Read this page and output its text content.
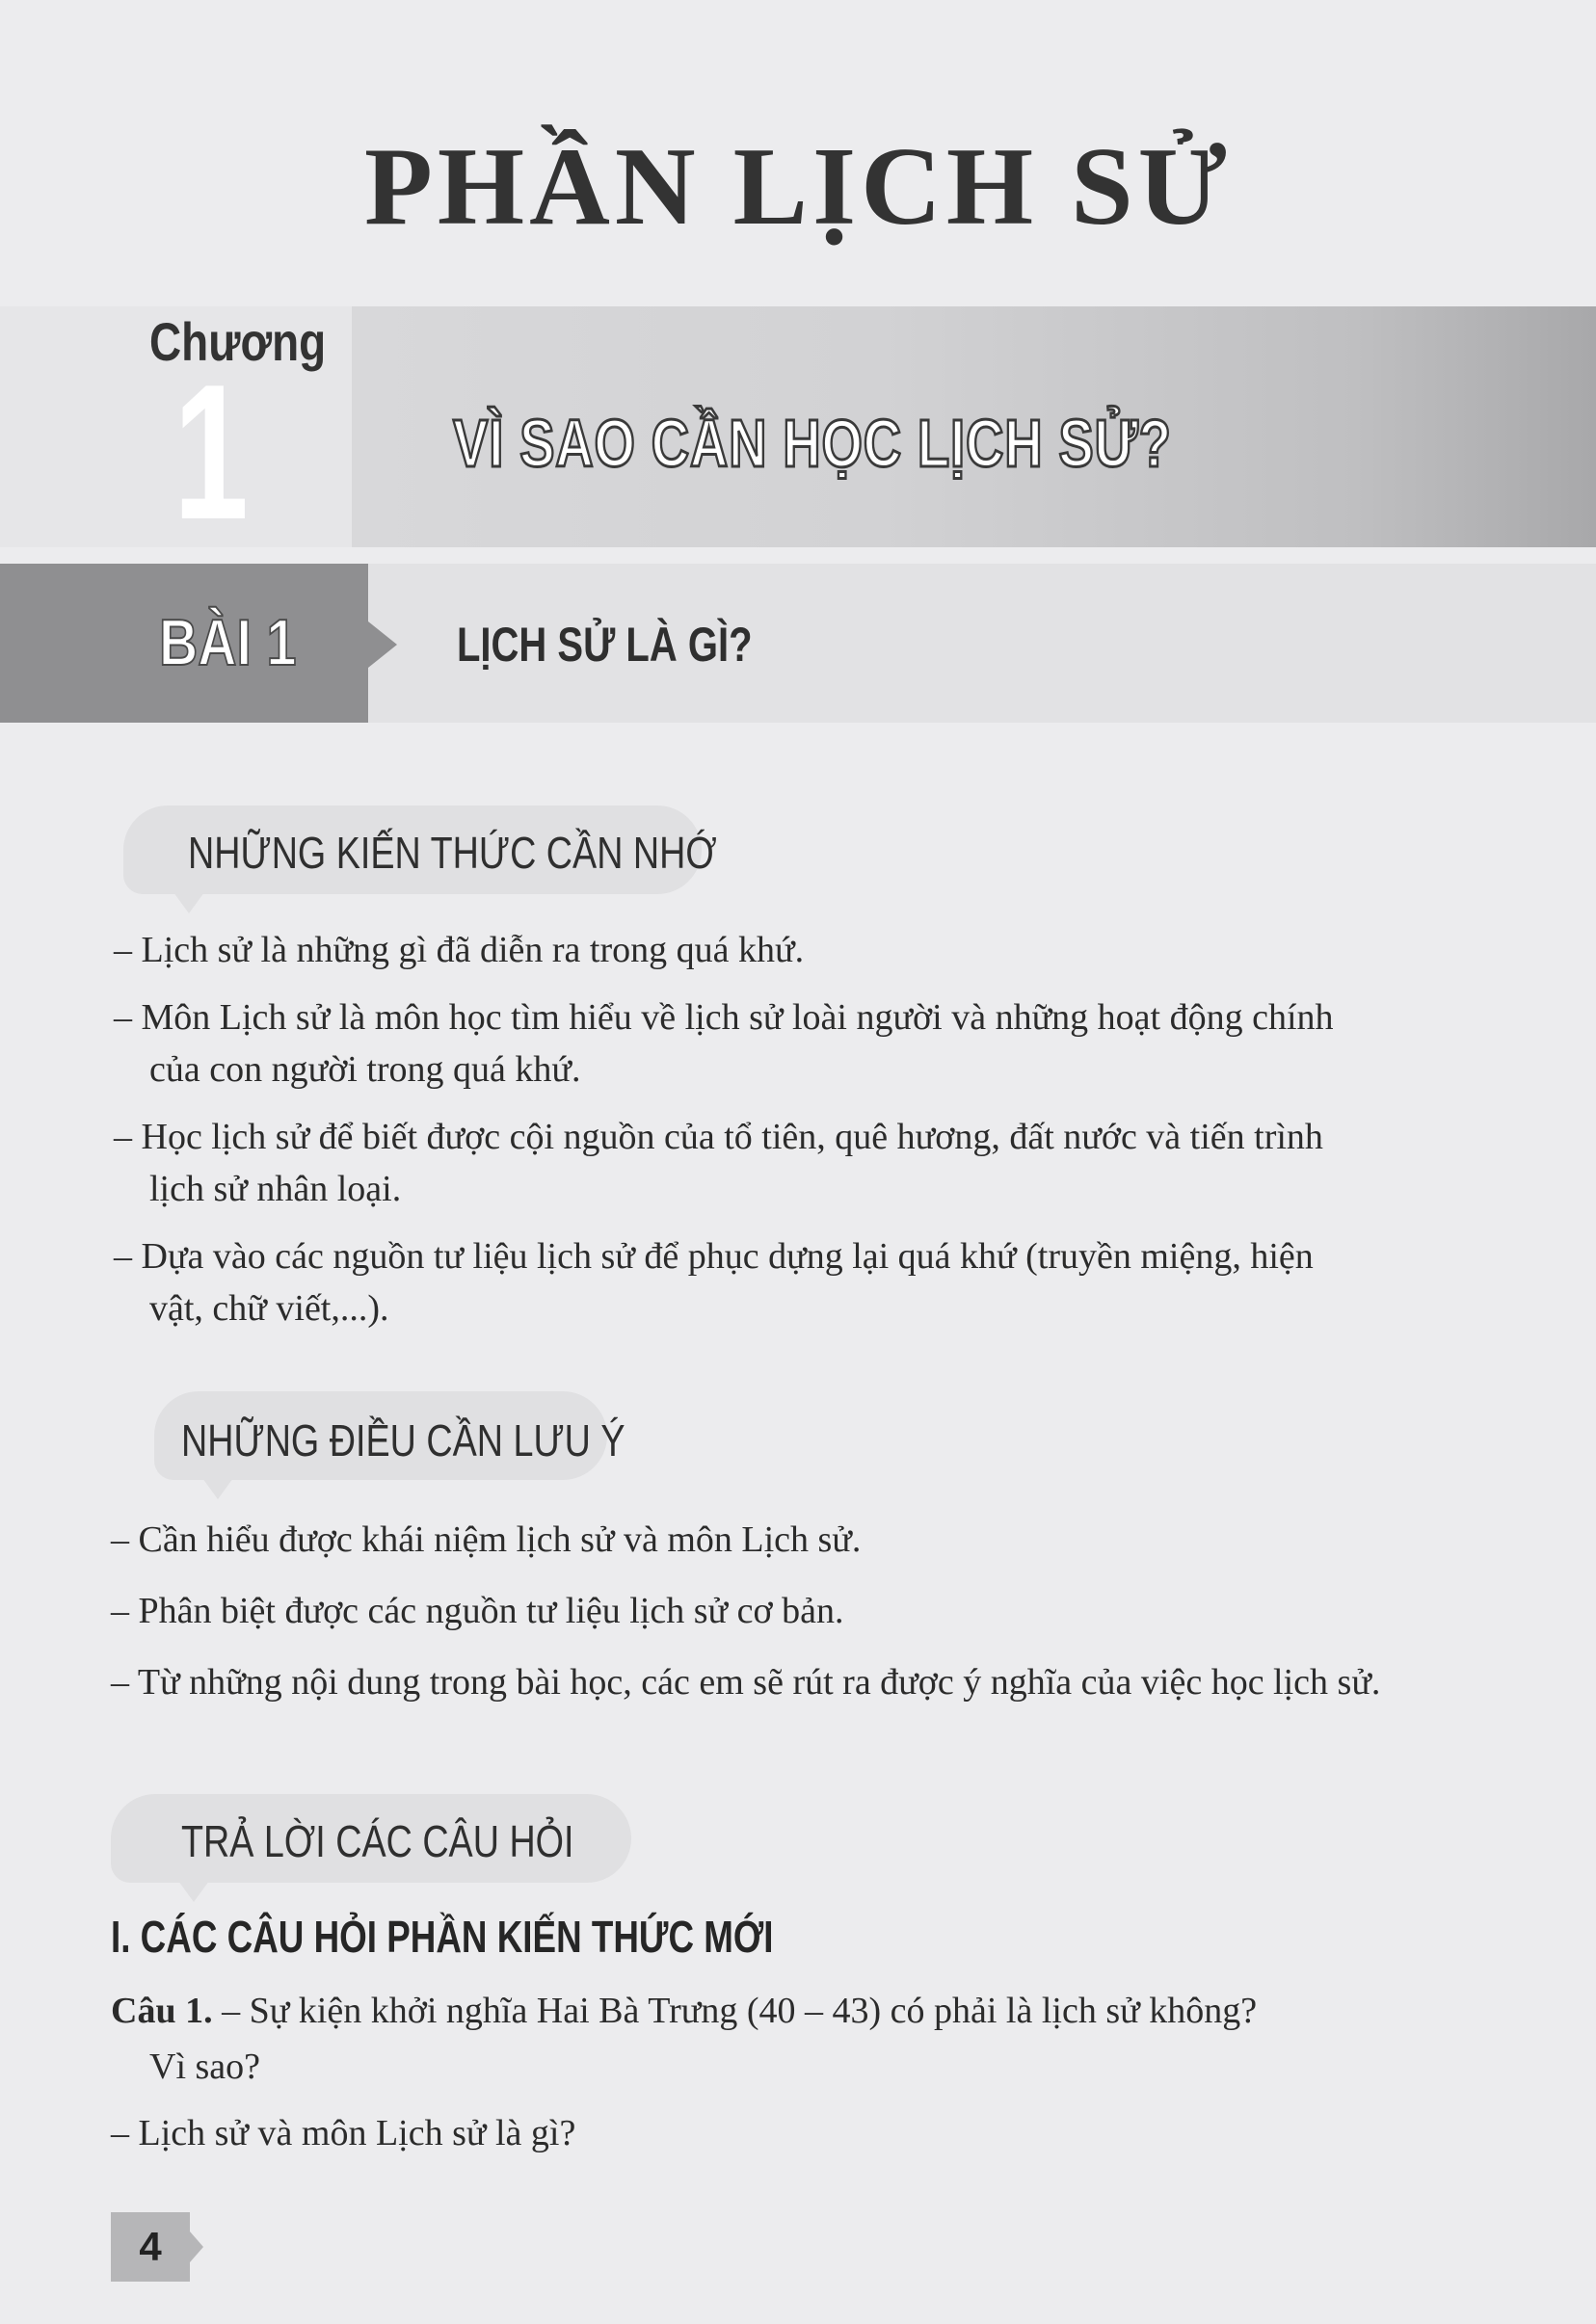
PHẦN LỊCH SỬ
Chương
1	VÌ SAO CẦN HỌC LỊCH SỬ?
BÀI 1	LỊCH SỬ LÀ GÌ?
NHỮNG KIẾN THỨC CẦN NHỚ
– Lịch sử là những gì đã diễn ra trong quá khứ.
– Môn Lịch sử là môn học tìm hiểu về lịch sử loài người và những hoạt động chính
của con người trong quá khứ.
– Học lịch sử để biết được cội nguồn của tổ tiên, quê hương, đất nước và tiến trình
lịch sử nhân loại.
– Dựa vào các nguồn tư liệu lịch sử để phục dựng lại quá khứ (truyền miệng, hiện
vật, chữ viết,...).
NHỮNG ĐIỀU CẦN LƯU Ý
– Cần hiểu được khái niệm lịch sử và môn Lịch sử.
– Phân biệt được các nguồn tư liệu lịch sử cơ bản.
– Từ những nội dung trong bài học, các em sẽ rút ra được ý nghĩa của việc học lịch sử.
TRẢ LỜI CÁC CÂU HỎI
I. CÁC CÂU HỎI PHẦN KIẾN THỨC MỚI
Câu 1. – Sự kiện khởi nghĩa Hai Bà Trưng (40 – 43) có phải là lịch sử không?
Vì sao?
– Lịch sử và môn Lịch sử là gì?
4
